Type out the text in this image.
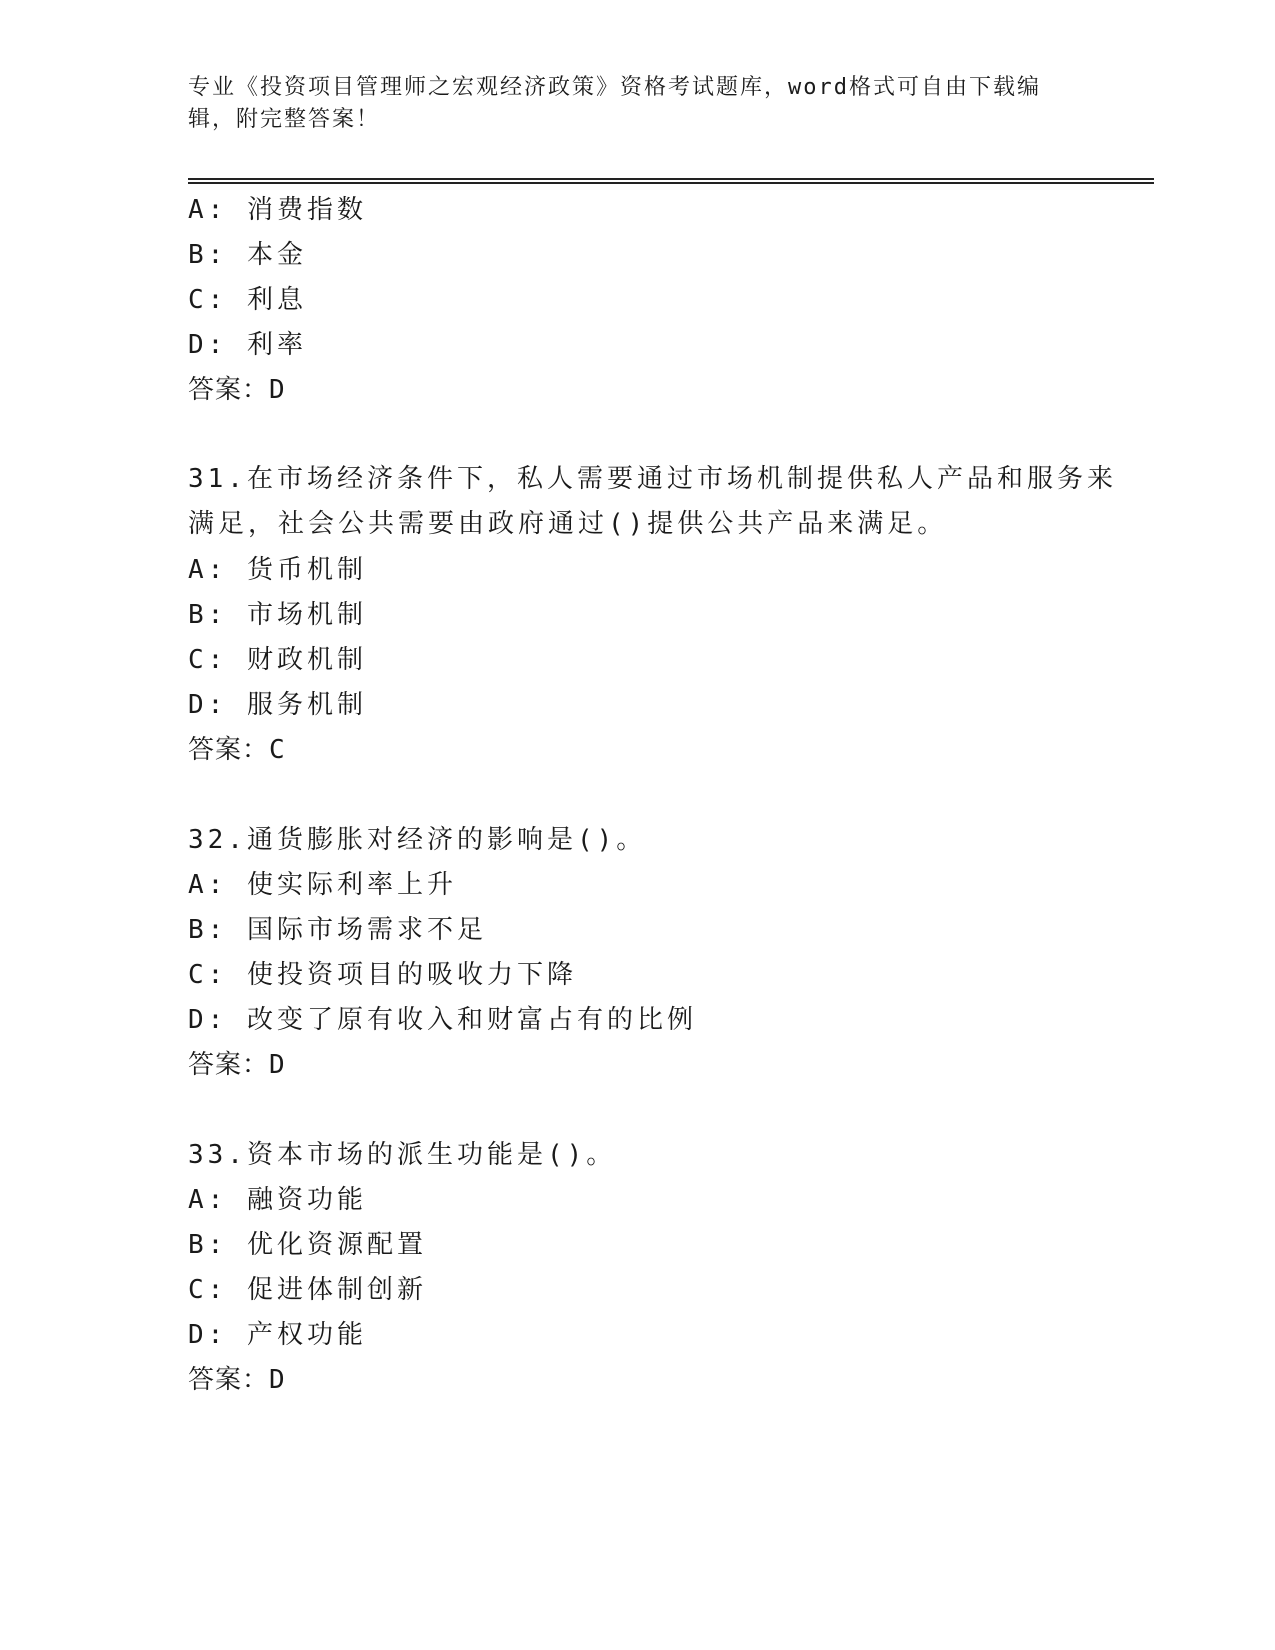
专业《投资项目管理师之宏观经济政策》资格考试题库，word格式可自由下载编辑，附完整答案！
A: 消费指数
B: 本金
C: 利息
D: 利率
答案：D
31.在市场经济条件下，私人需要通过市场机制提供私人产品和服务来
满足，社会公共需要由政府通过()提供公共产品来满足。
A: 货币机制
B: 市场机制
C: 财政机制
D: 服务机制
答案：C
32.通货膨胀对经济的影响是()。
A: 使实际利率上升
B: 国际市场需求不足
C: 使投资项目的吸收力下降
D: 改变了原有收入和财富占有的比例
答案：D
33.资本市场的派生功能是()。
A: 融资功能
B: 优化资源配置
C: 促进体制创新
D: 产权功能
答案：D
